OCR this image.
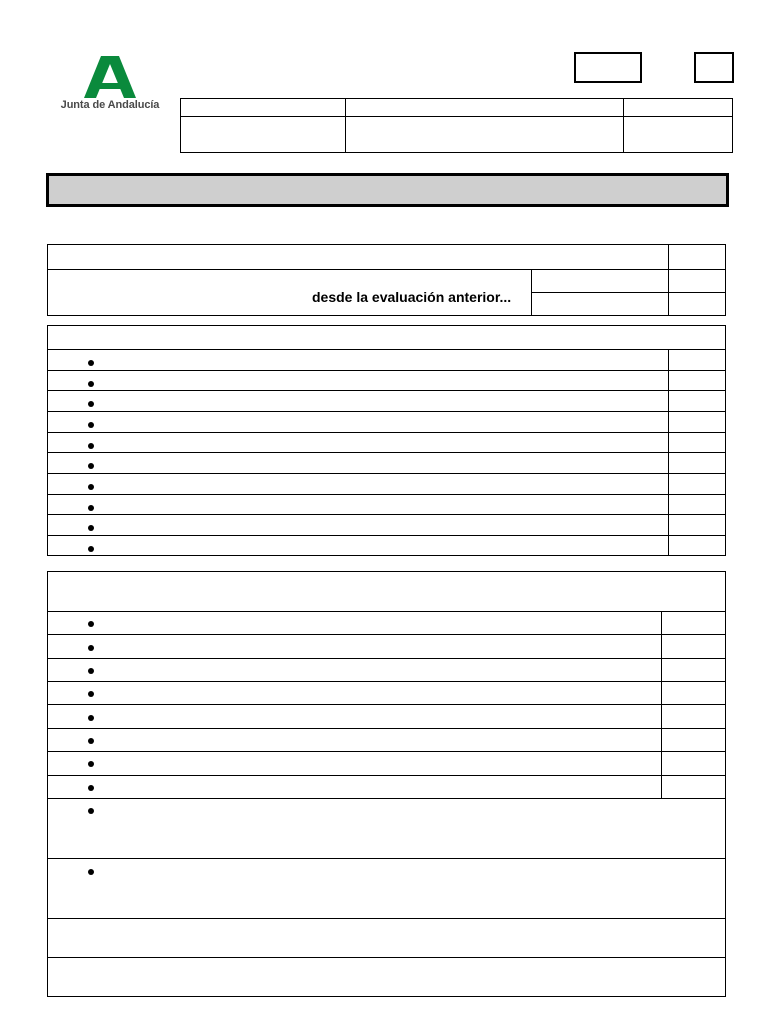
Junta de Andalucía
desde la evaluación anterior...
